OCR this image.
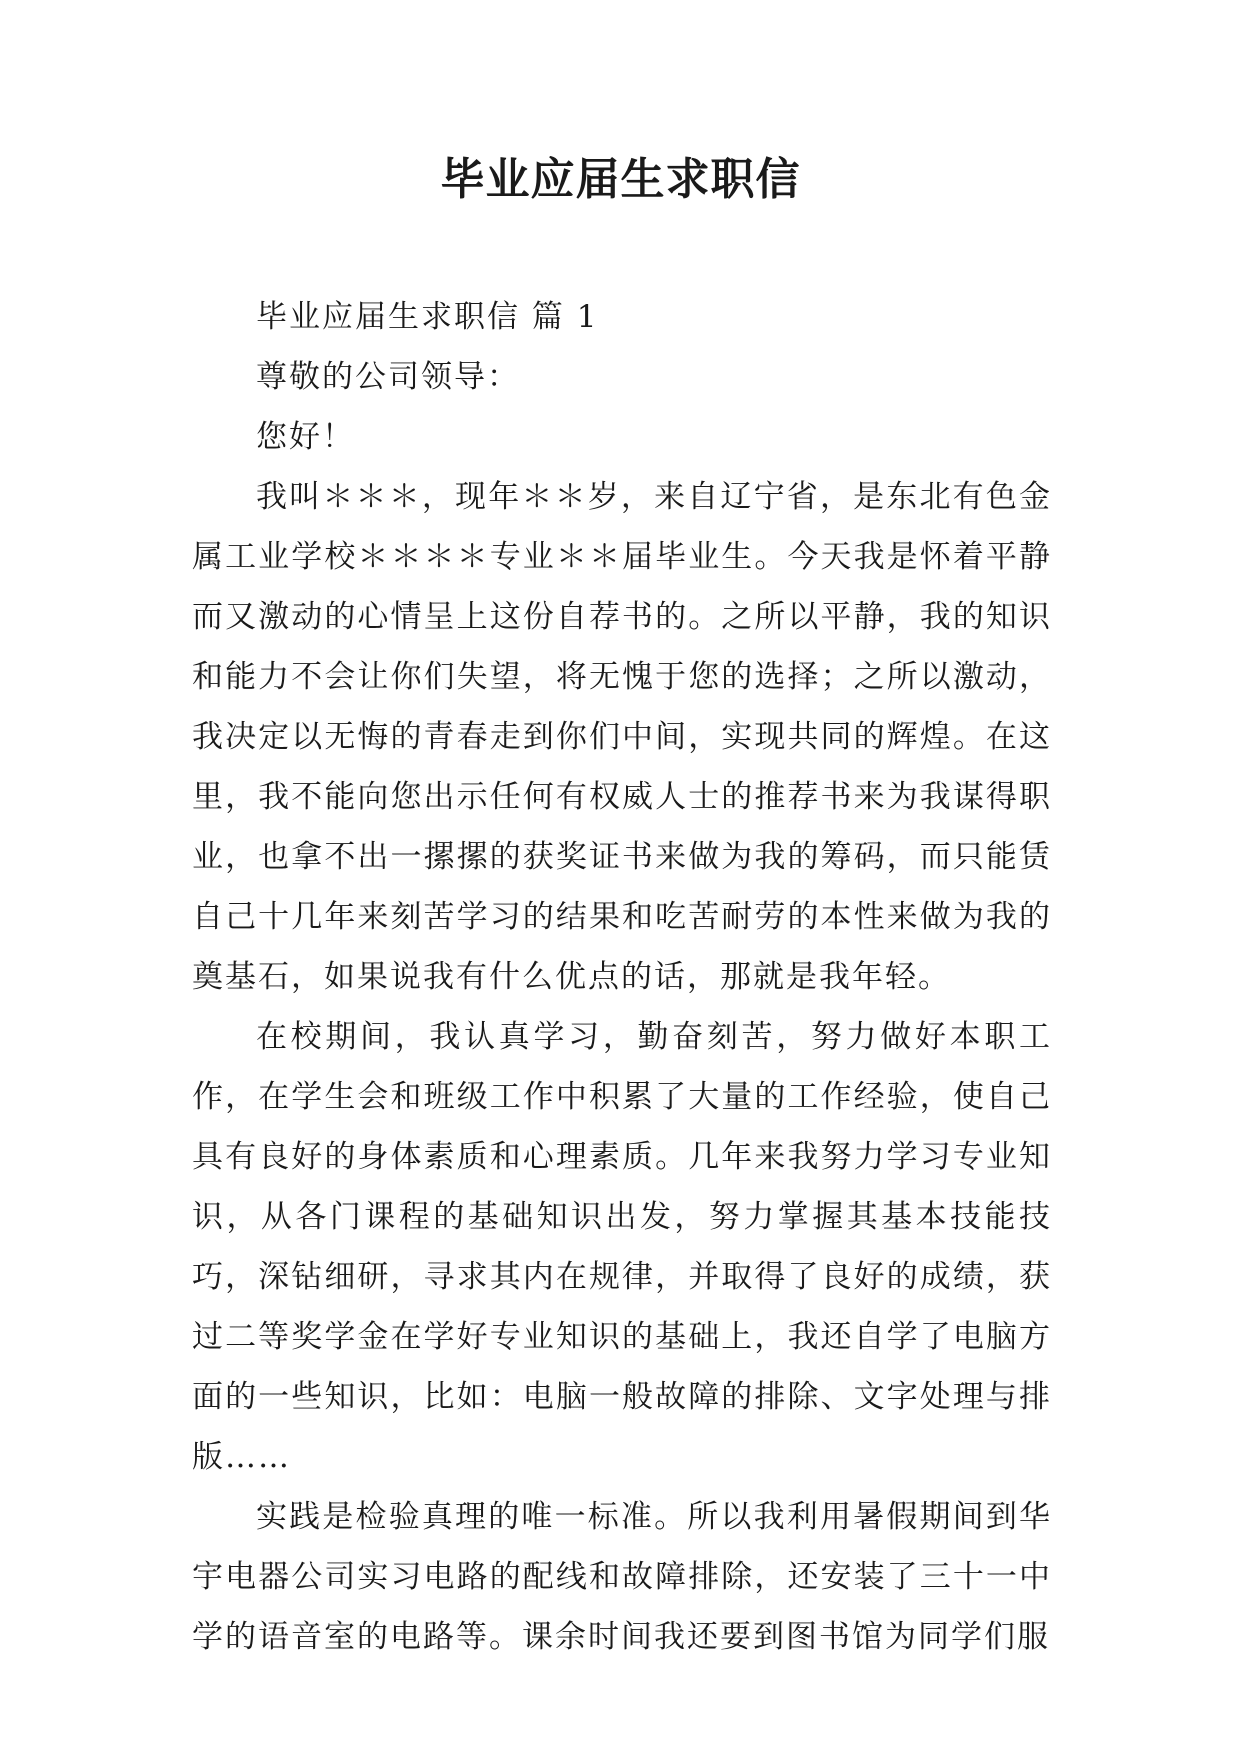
毕业应届生求职信

毕业应届生求职信 篇 1

尊敬的公司领导：

您好！

我叫＊＊＊，现年＊＊岁，来自辽宁省，是东北有色金属工业学校＊＊＊＊专业＊＊届毕业生。今天我是怀着平静而又激动的心情呈上这份自荐书的。之所以平静，我的知识和能力不会让你们失望，将无愧于您的选择；之所以激动，我决定以无悔的青春走到你们中间，实现共同的辉煌。在这里，我不能向您出示任何有权威人士的推荐书来为我谋得职业，也拿不出一摞摞的获奖证书来做为我的筹码，而只能赁自己十几年来刻苦学习的结果和吃苦耐劳的本性来做为我的奠基石，如果说我有什么优点的话，那就是我年轻。

在校期间，我认真学习，勤奋刻苦，努力做好本职工作，在学生会和班级工作中积累了大量的工作经验，使自己具有良好的身体素质和心理素质。几年来我努力学习专业知识，从各门课程的基础知识出发，努力掌握其基本技能技巧，深钻细研，寻求其内在规律，并取得了良好的成绩，获过二等奖学金在学好专业知识的基础上，我还自学了电脑方面的一些知识，比如：电脑一般故障的排除、文字处理与排版……

实践是检验真理的唯一标准。所以我利用暑假期间到华宇电器公司实习电路的配线和故障排除，还安装了三十一中学的语音室的电路等。课余时间我还要到图书馆为同学们服
